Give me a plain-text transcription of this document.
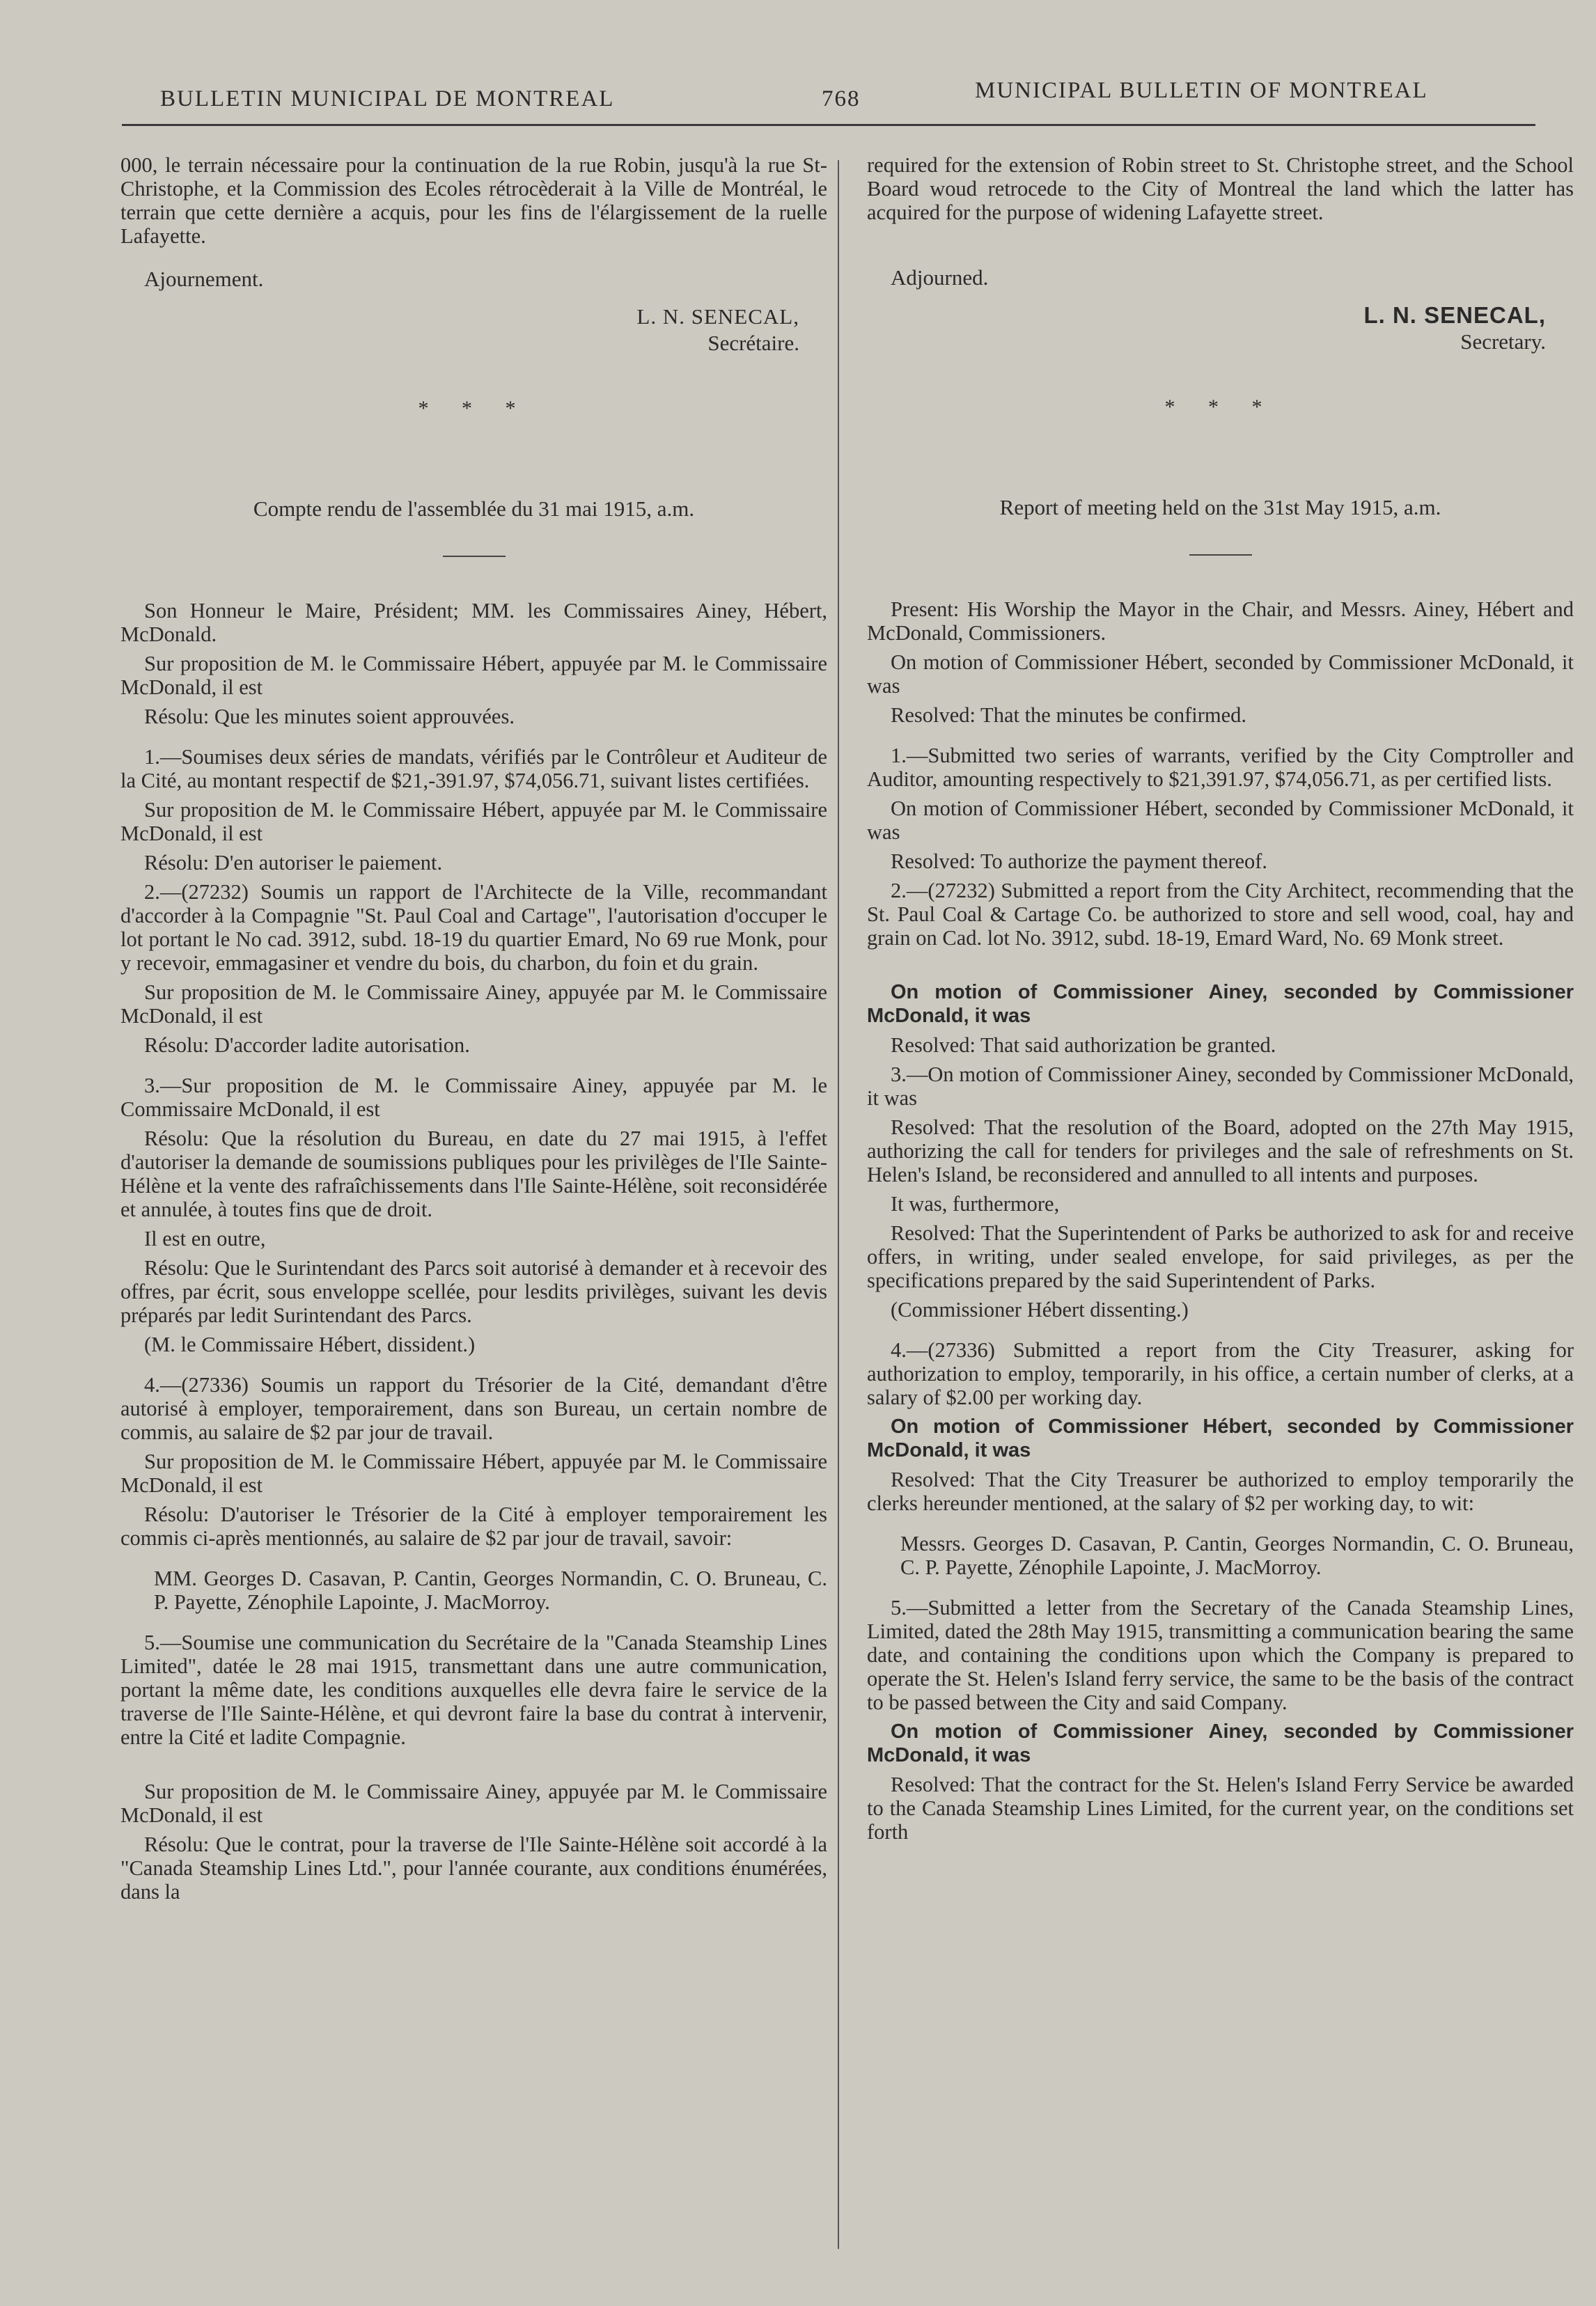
BULLETIN MUNICIPAL DE MONTREAL	768	MUNICIPAL BULLETIN OF MONTREAL

000, le terrain nécessaire pour la continuation de la rue Robin, jusqu'à la rue St-Christophe, et la Commission des Ecoles rétrocèderait à la Ville de Montréal, le terrain que cette dernière a acquis, pour les fins de l'élargissement de la ruelle Lafayette.

Ajournement.
L. N. SENECAL,
Secrétaire.
* * *
Compte rendu de l'assemblée du 31 mai 1915, a.m.

Son Honneur le Maire, Président; MM. les Commissaires Ainey, Hébert, McDonald.

Sur proposition de M. le Commissaire Hébert, appuyée par M. le Commissaire McDonald, il est

Résolu: Que les minutes soient approuvées.

1.—Soumises deux séries de mandats, vérifiés par le Contrôleur et Auditeur de la Cité, au montant respectif de $21,-391.97, $74,056.71, suivant listes certifiées.

Sur proposition de M. le Commissaire Hébert, appuyée par M. le Commissaire McDonald, il est

Résolu: D'en autoriser le paiement.

2.—(27232) Soumis un rapport de l'Architecte de la Ville, recommandant d'accorder à la Compagnie "St. Paul Coal and Cartage", l'autorisation d'occuper le lot portant le No cad. 3912, subd. 18-19 du quartier Emard, No 69 rue Monk, pour y recevoir, emmagasiner et vendre du bois, du charbon, du foin et du grain.

Sur proposition de M. le Commissaire Ainey, appuyée par M. le Commissaire McDonald, il est

Résolu: D'accorder ladite autorisation.

3.—Sur proposition de M. le Commissaire Ainey, appuyée par M. le Commissaire McDonald, il est

Résolu: Que la résolution du Bureau, en date du 27 mai 1915, à l'effet d'autoriser la demande de soumissions publiques pour les privilèges de l'Ile Sainte-Hélène et la vente des rafraîchissements dans l'Ile Sainte-Hélène, soit reconsidérée et annulée, à toutes fins que de droit.

Il est en outre,

Résolu: Que le Surintendant des Parcs soit autorisé à demander et à recevoir des offres, par écrit, sous enveloppe scellée, pour lesdits privilèges, suivant les devis préparés par ledit Surintendant des Parcs.

(M. le Commissaire Hébert, dissident.)

4.—(27336) Soumis un rapport du Trésorier de la Cité, demandant d'être autorisé à employer, temporairement, dans son Bureau, un certain nombre de commis, au salaire de $2 par jour de travail.

Sur proposition de M. le Commissaire Hébert, appuyée par M. le Commissaire McDonald, il est

Résolu: D'autoriser le Trésorier de la Cité à employer temporairement les commis ci-après mentionnés, au salaire de $2 par jour de travail, savoir:

MM. Georges D. Casavan, P. Cantin, Georges Normandin, C. O. Bruneau, C. P. Payette, Zénophile Lapointe, J. MacMorroy.

5.—Soumise une communication du Secrétaire de la "Canada Steamship Lines Limited", datée le 28 mai 1915, transmettant dans une autre communication, portant la même date, les conditions auxquelles elle devra faire le service de la traverse de l'Ile Sainte-Hélène, et qui devront faire la base du contrat à intervenir, entre la Cité et ladite Compagnie.

Sur proposition de M. le Commissaire Ainey, appuyée par M. le Commissaire McDonald, il est

Résolu: Que le contrat, pour la traverse de l'Ile Sainte-Hélène soit accordé à la "Canada Steamship Lines Ltd.", pour l'année courante, aux conditions énumérées, dans la

required for the extension of Robin street to St. Christophe street, and the School Board woud retrocede to the City of Montreal the land which the latter has acquired for the purpose of widening Lafayette street.

Adjourned.
L. N. SENECAL,
Secretary.
* * *
Report of meeting held on the 31st May 1915, a.m.

Present: His Worship the Mayor in the Chair, and Messrs. Ainey, Hébert and McDonald, Commissioners.

On motion of Commissioner Hébert, seconded by Commissioner McDonald, it was

Resolved: That the minutes be confirmed.

1.—Submitted two series of warrants, verified by the City Comptroller and Auditor, amounting respectively to $21,391.97, $74,056.71, as per certified lists.

On motion of Commissioner Hébert, seconded by Commissioner McDonald, it was

Resolved: To authorize the payment thereof.

2.—(27232) Submitted a report from the City Architect, recommending that the St. Paul Coal & Cartage Co. be authorized to store and sell wood, coal, hay and grain on Cad. lot No. 3912, subd. 18-19, Emard Ward, No. 69 Monk street.

On motion of Commissioner Ainey, seconded by Commissioner McDonald, it was

Resolved: That said authorization be granted.

3.—On motion of Commissioner Ainey, seconded by Commissioner McDonald, it was

Resolved: That the resolution of the Board, adopted on the 27th May 1915, authorizing the call for tenders for privileges and the sale of refreshments on St. Helen's Island, be reconsidered and annulled to all intents and purposes.

It was, furthermore,

Resolved: That the Superintendent of Parks be authorized to ask for and receive offers, in writing, under sealed envelope, for said privileges, as per the specifications prepared by the said Superintendent of Parks.

(Commissioner Hébert dissenting.)

4.—(27336) Submitted a report from the City Treasurer, asking for authorization to employ, temporarily, in his office, a certain number of clerks, at a salary of $2.00 per working day.

On motion of Commissioner Hébert, seconded by Commissioner McDonald, it was

Resolved: That the City Treasurer be authorized to employ temporarily the clerks hereunder mentioned, at the salary of $2 per working day, to wit:

Messrs. Georges D. Casavan, P. Cantin, Georges Normandin, C. O. Bruneau, C. P. Payette, Zénophile Lapointe, J. MacMorroy.

5.—Submitted a letter from the Secretary of the Canada Steamship Lines, Limited, dated the 28th May 1915, transmitting a communication bearing the same date, and containing the conditions upon which the Company is prepared to operate the St. Helen's Island ferry service, the same to be the basis of the contract to be passed between the City and said Company.

On motion of Commissioner Ainey, seconded by Commissioner McDonald, it was

Resolved: That the contract for the St. Helen's Island Ferry Service be awarded to the Canada Steamship Lines Limited, for the current year, on the conditions set forth
